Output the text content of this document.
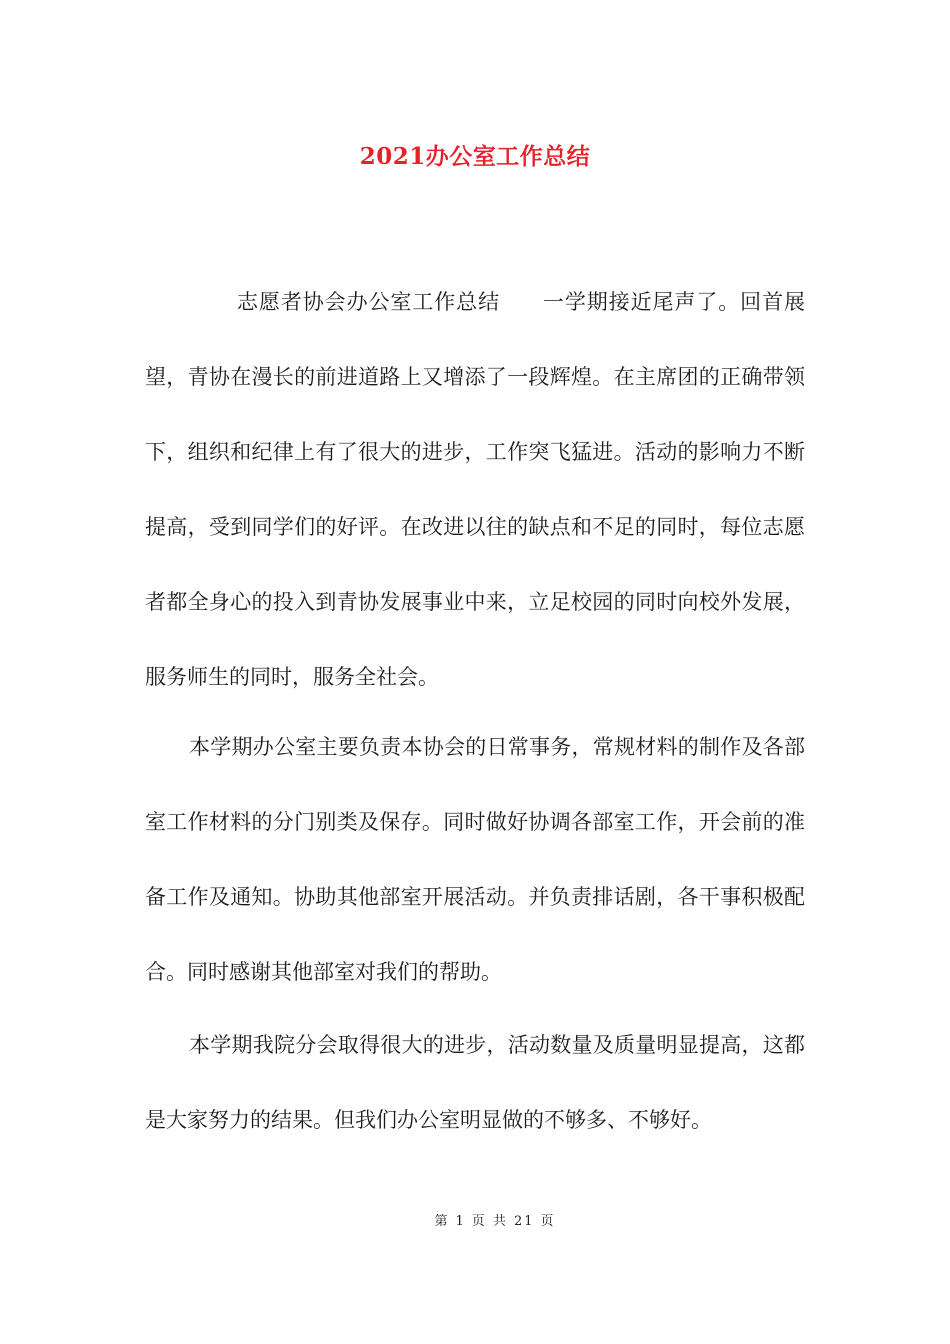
2021办公室工作总结

志愿者协会办公室工作总结 一学期接近尾声了。回首展望，青协在漫长的前进道路上又增添了一段辉煌。在主席团的正确带领下，组织和纪律上有了很大的进步，工作突飞猛进。活动的影响力不断提高，受到同学们的好评。在改进以往的缺点和不足的同时，每位志愿者都全身心的投入到青协发展事业中来，立足校园的同时向校外发展，服务师生的同时，服务全社会。

本学期办公室主要负责本协会的日常事务，常规材料的制作及各部室工作材料的分门别类及保存。同时做好协调各部室工作，开会前的准备工作及通知。协助其他部室开展活动。并负责排话剧，各干事积极配合。同时感谢其他部室对我们的帮助。

本学期我院分会取得很大的进步，活动数量及质量明显提高，这都是大家努力的结果。但我们办公室明显做的不够多、不够好。

第 1 页 共 21 页
